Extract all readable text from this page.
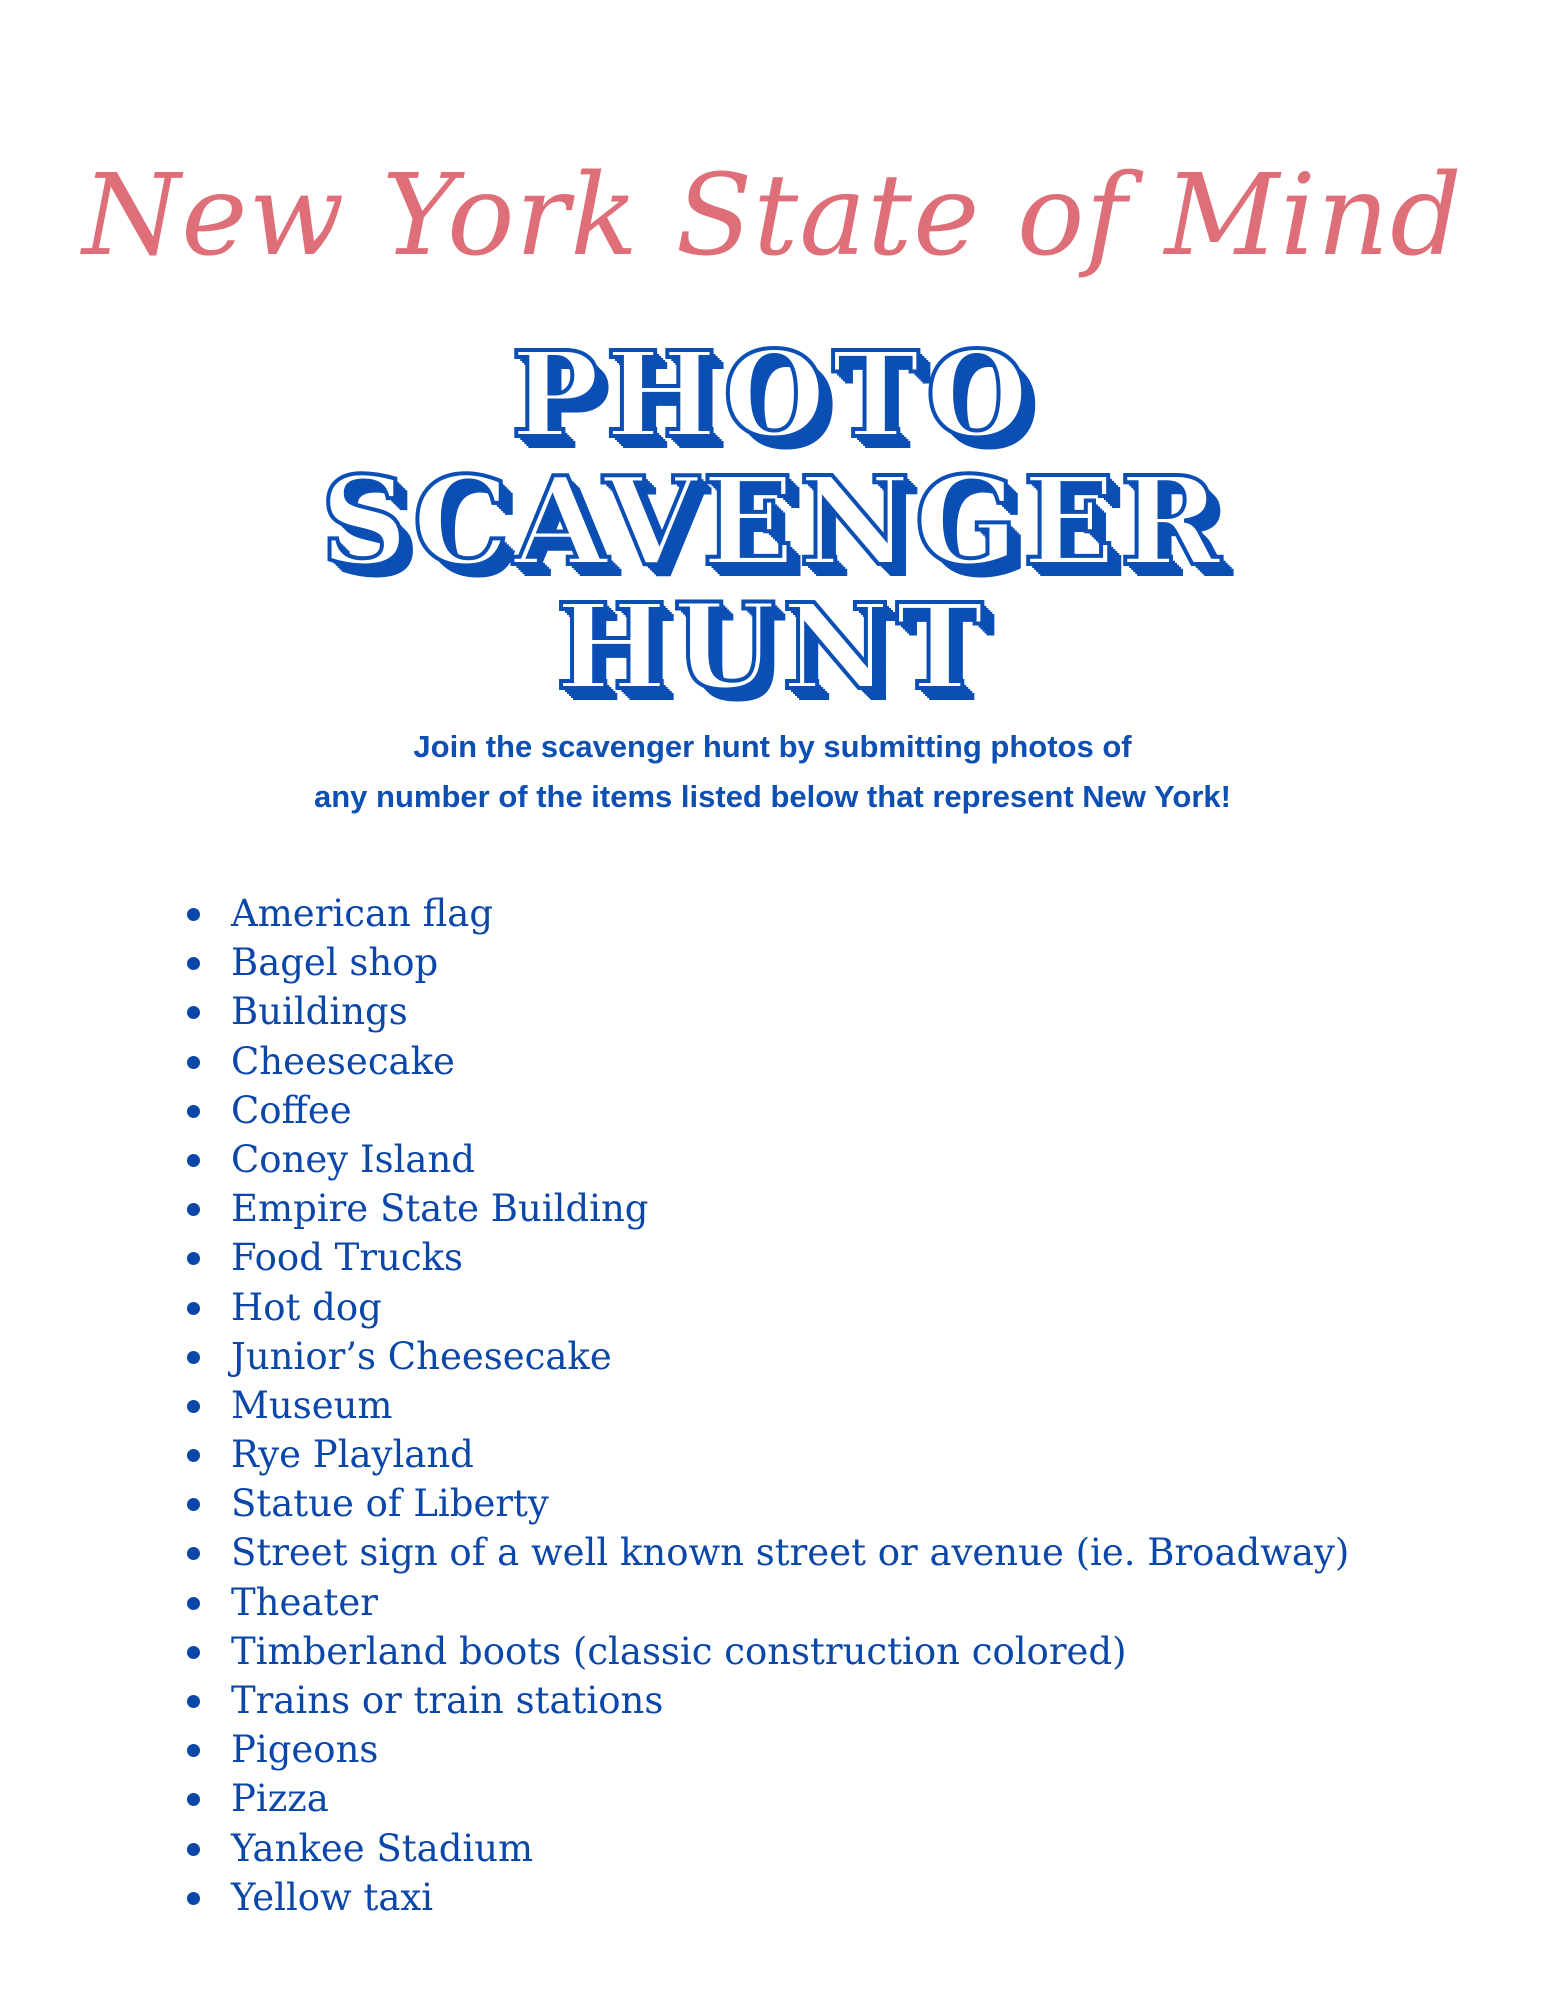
New York State of Mind
PHOTO
SCAVENGER
HUNT
Join the scavenger hunt by submitting photos of
any number of the items listed below that represent New York!
American flag
Bagel shop
Buildings
Cheesecake
Coffee
Coney Island
Empire State Building
Food Trucks
Hot dog
Junior’s Cheesecake
Museum
Rye Playland
Statue of Liberty
Street sign of a well known street or avenue (ie. Broadway)
Theater
Timberland boots (classic construction colored)
Trains or train stations
Pigeons
Pizza
Yankee Stadium
Yellow taxi
